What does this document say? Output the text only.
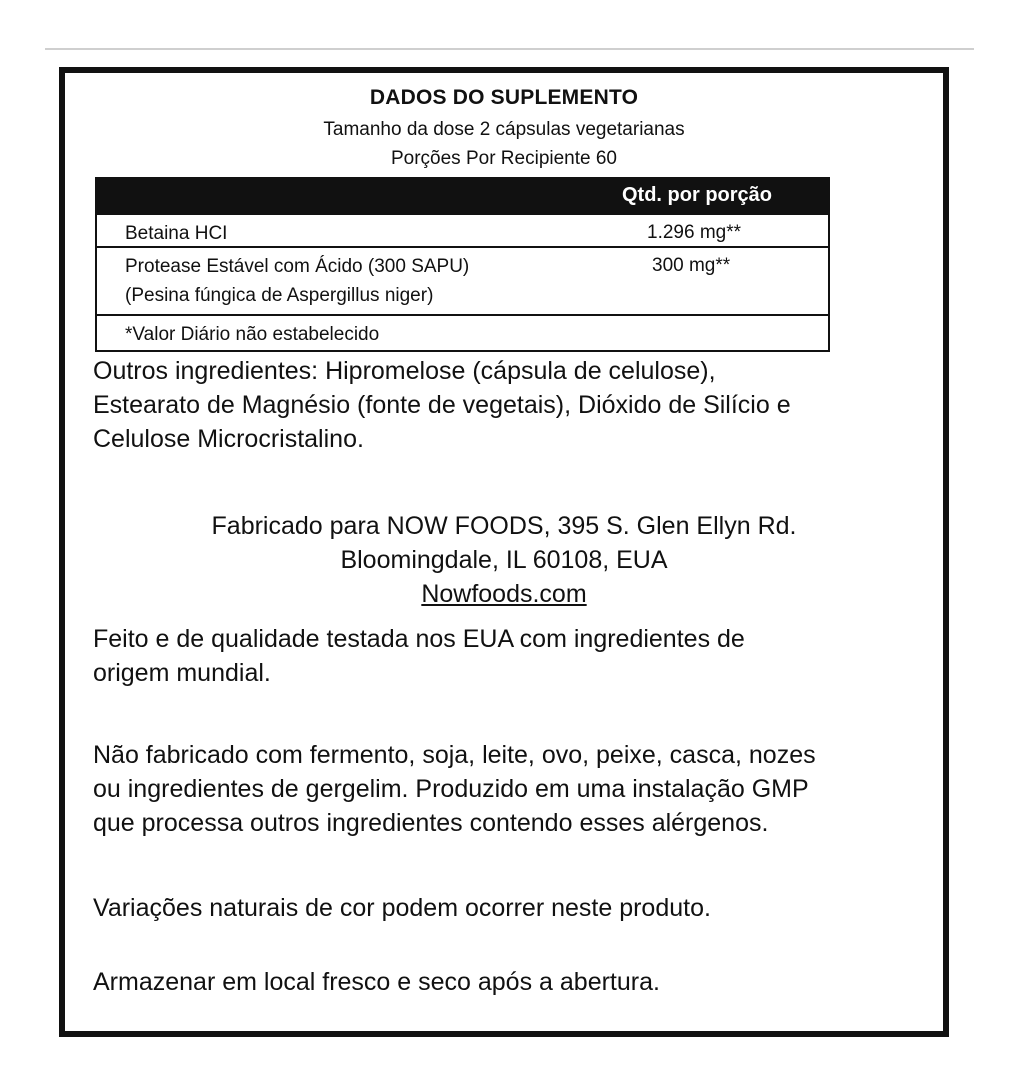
DADOS DO SUPLEMENTO
Tamanho da dose 2 cápsulas vegetarianas
Porções Por Recipiente 60
Qtd. por porção
Betaina HCI	1.296 mg**
Protease Estável com Ácido (300 SAPU)
(Pesina fúngica de Aspergillus niger)
300 mg**
*Valor Diário não estabelecido
Outros ingredientes: Hipromelose (cápsula de celulose),
Estearato de Magnésio (fonte de vegetais), Dióxido de Silício e
Celulose Microcristalino.
Fabricado para NOW FOODS, 395 S. Glen Ellyn Rd.
Bloomingdale, IL 60108, EUA
Nowfoods.com
Feito e de qualidade testada nos EUA com ingredientes de
origem mundial.
Não fabricado com fermento, soja, leite, ovo, peixe, casca, nozes
ou ingredientes de gergelim. Produzido em uma instalação GMP
que processa outros ingredientes contendo esses alérgenos.
Variações naturais de cor podem ocorrer neste produto.
Armazenar em local fresco e seco após a abertura.
